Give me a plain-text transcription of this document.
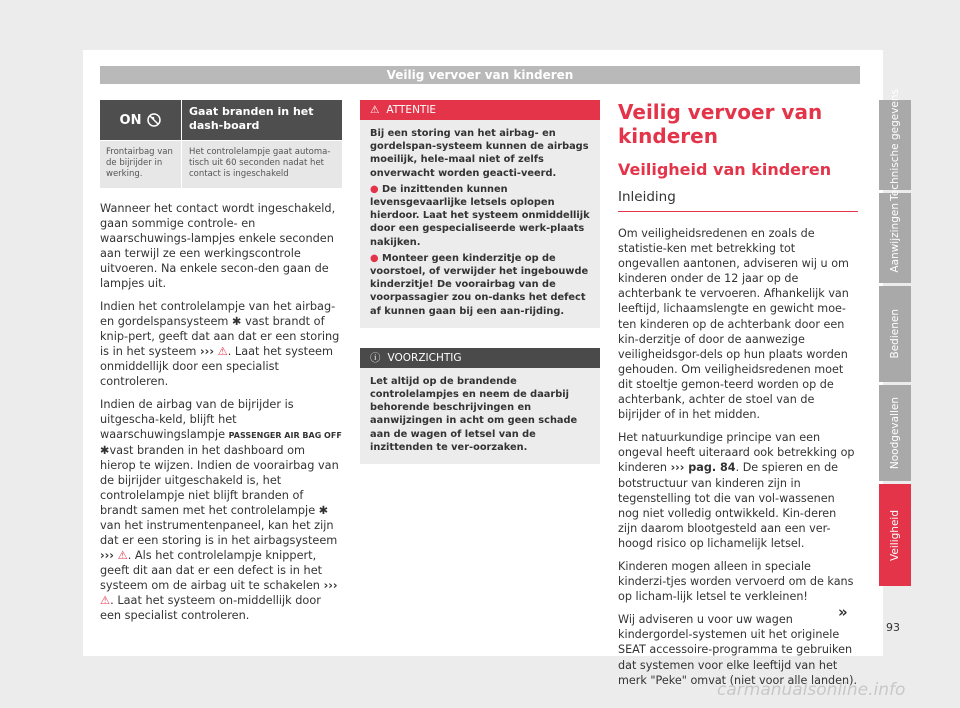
Veilig vervoer van kinderen
ON
Gaat branden in het dash-board
Frontairbag van de bijrijder in werking.
Het controlelampje gaat automa-tisch uit 60 seconden nadat het contact is ingeschakeld

Wanneer het contact wordt ingeschakeld, gaan sommige controle- en waarschuwings-lampjes enkele seconden aan terwijl ze een werkingscontrole uitvoeren. Na enkele secon-den gaan de lampjes uit.

Indien het controlelampje van het airbag- en gordelspansysteem ✱ vast brandt of knip-pert, geeft dat aan dat er een storing is in het systeem ››› ⚠. Laat het systeem onmiddellijk door een specialist controleren.

Indien de airbag van de bijrijder is uitgescha-keld, blijft het waarschuwingslampje PASSENGER AIR BAG OFF ✱vast branden in het dashboard om hierop te wijzen. Indien de voorairbag van de bijrijder uitgeschakeld is, het controlelampje niet blijft branden of brandt samen met het controlelampje ✱ van het instrumentenpaneel, kan het zijn dat er een storing is in het airbagsysteem ››› ⚠. Als het controlelampje knippert, geeft dit aan dat er een defect is in het systeem om de airbag uit te schakelen ››› ⚠. Laat het systeem on-middellijk door een specialist controleren.

⚠ ATTENTIE

Bij een storing van het airbag- en gordelspan-systeem kunnen de airbags moeilijk, hele-maal niet of zelfs onverwacht worden geacti-veerd.

● De inzittenden kunnen levensgevaarlijke letsels oplopen hierdoor. Laat het systeem onmiddellijk door een gespecialiseerde werk-plaats nakijken.

● Monteer geen kinderzitje op de voorstoel, of verwijder het ingebouwde kinderzitje! De voorairbag van de voorpassagier zou on-danks het defect af kunnen gaan bij een aan-rijding.

ⓘ VOORZICHTIG

Let altijd op de brandende controlelampjes en neem de daarbij behorende beschrijvingen en aanwijzingen in acht om geen schade aan de wagen of letsel van de inzittenden te ver-oorzaken.

Veilig vervoer van kinderen
Veiligheid van kinderen
Inleiding

Om veiligheidsredenen en zoals de statistie-ken met betrekking tot ongevallen aantonen, adviseren wij u om kinderen onder de 12 jaar op de achterbank te vervoeren. Afhankelijk van leeftijd, lichaamslengte en gewicht moe-ten kinderen op de achterbank door een kin-derzitje of door de aanwezige veiligheidsgor-dels op hun plaats worden gehouden. Om veiligheidsredenen moet dit stoeltje gemon-teerd worden op de achterbank, achter de stoel van de bijrijder of in het midden.

Het natuurkundige principe van een ongeval heeft uiteraard ook betrekking op kinderen ››› pag. 84. De spieren en de botstructuur van kinderen zijn in tegenstelling tot die van vol-wassenen nog niet volledig ontwikkeld. Kin-deren zijn daarom blootgesteld aan een ver-hoogd risico op lichamelijk letsel.

Kinderen mogen alleen in speciale kinderzi-tjes worden vervoerd om de kans op licham-lijk letsel te verkleinen!

Wij adviseren u voor uw wagen kindergordel-systemen uit het originele SEAT accessoire-programma te gebruiken dat systemen voor elke leeftijd van het merk "Peke" omvat (niet voor alle landen).

»
Technische gegevens
Aanwijzingen
Bedienen
Noodgevallen
Veiligheid
93
carmanualsonline.info
